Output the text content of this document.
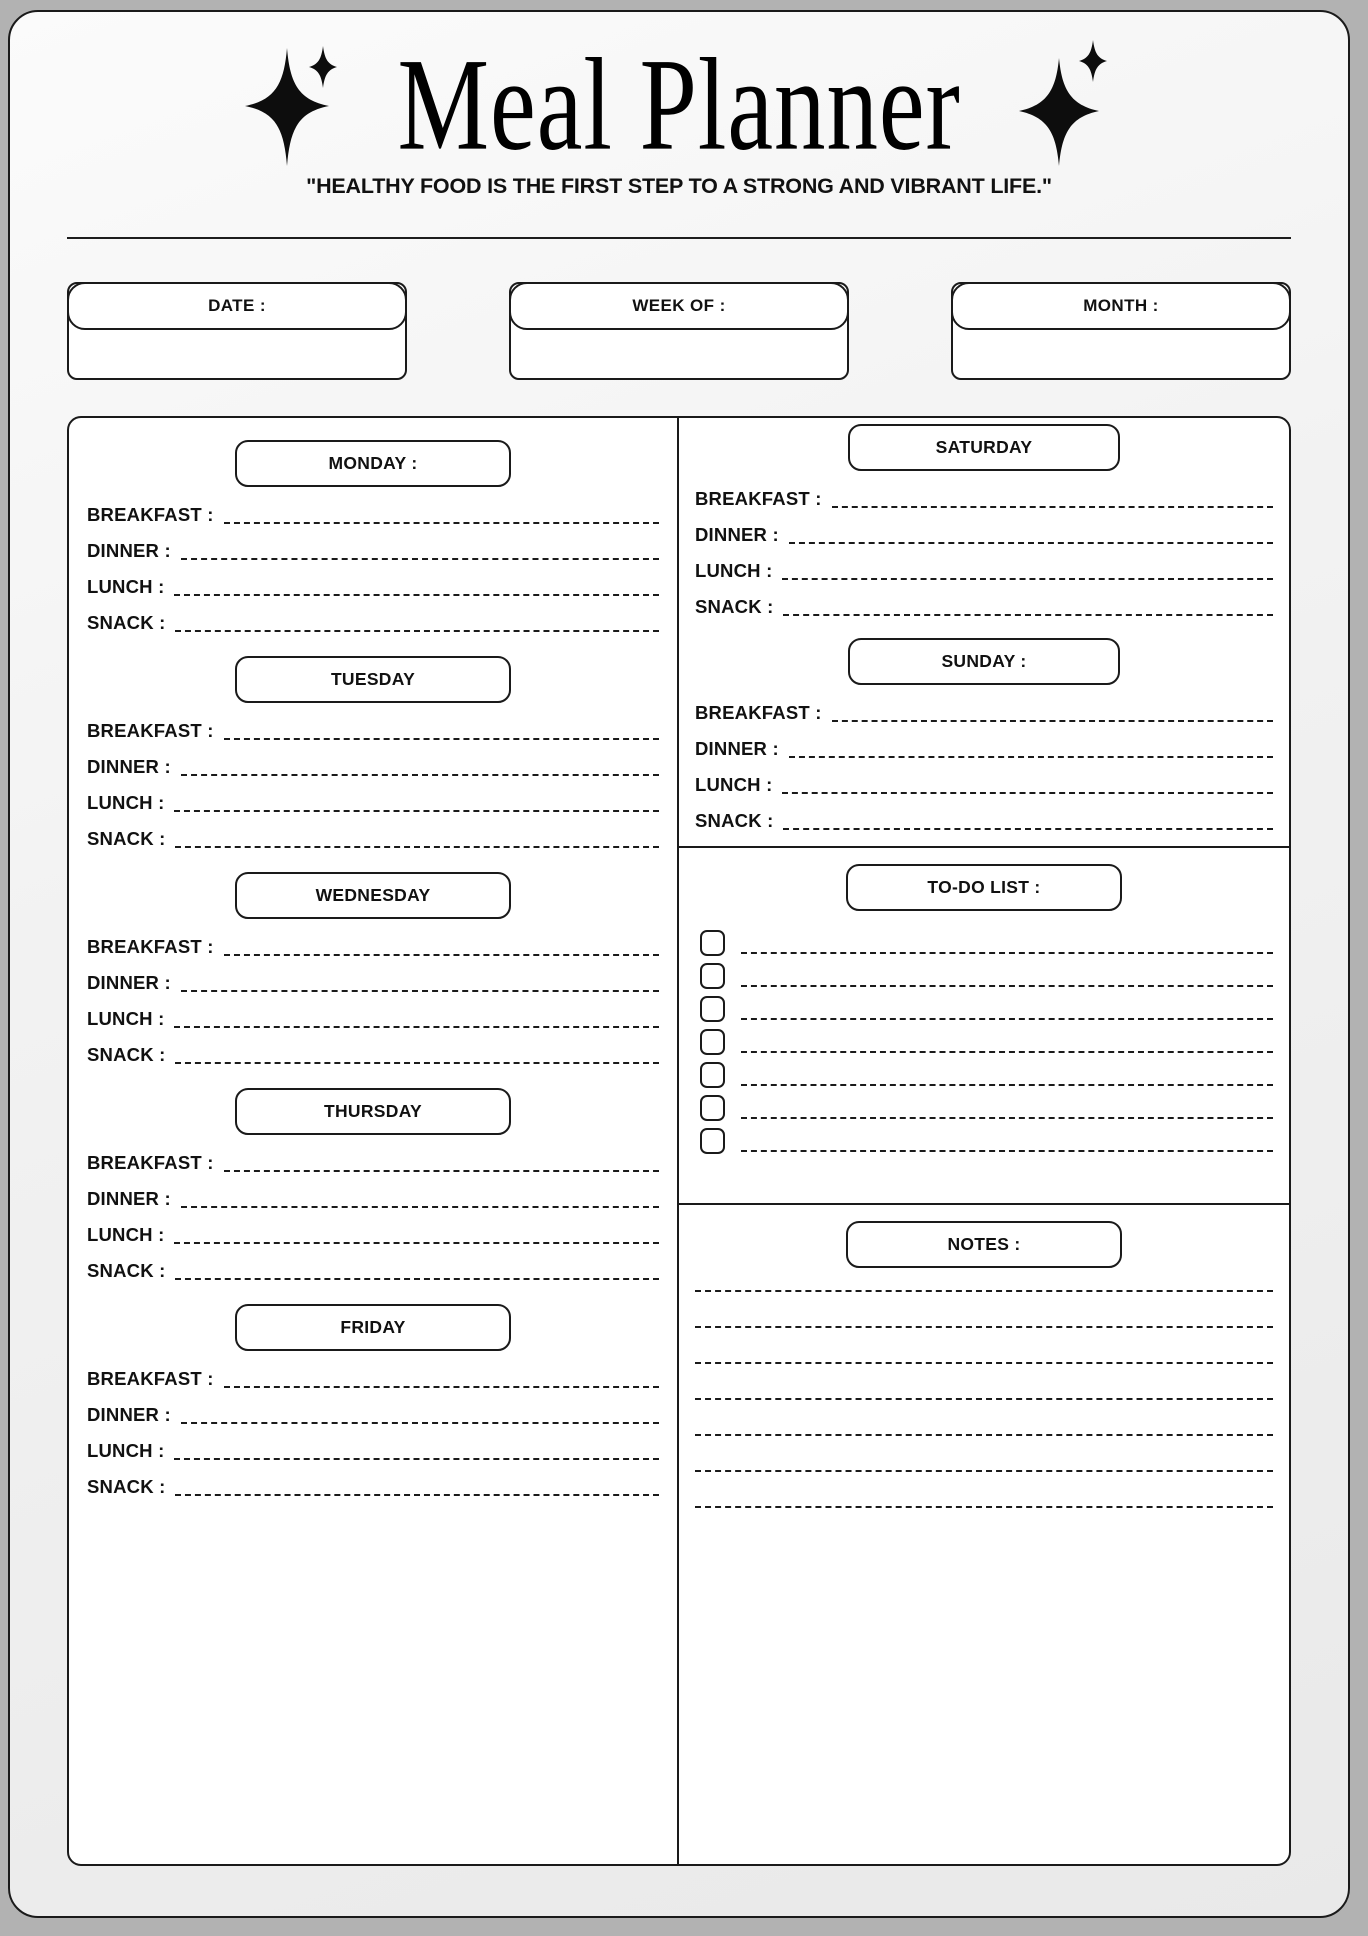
Meal Planner
"HEALTHY FOOD IS THE FIRST STEP TO A STRONG AND VIBRANT LIFE."
DATE :	WEEK OF :	MONTH :
MONDAY :
BREAKFAST :
DINNER :
LUNCH :
SNACK :
TUESDAY
BREAKFAST :
DINNER :
LUNCH :
SNACK :
WEDNESDAY
BREAKFAST :
DINNER :
LUNCH :
SNACK :
THURSDAY
BREAKFAST :
DINNER :
LUNCH :
SNACK :
FRIDAY
BREAKFAST :
DINNER :
LUNCH :
SNACK :
SATURDAY
BREAKFAST :
DINNER :
LUNCH :
SNACK :
SUNDAY :
BREAKFAST :
DINNER :
LUNCH :
SNACK :
TO-DO LIST :
NOTES :
